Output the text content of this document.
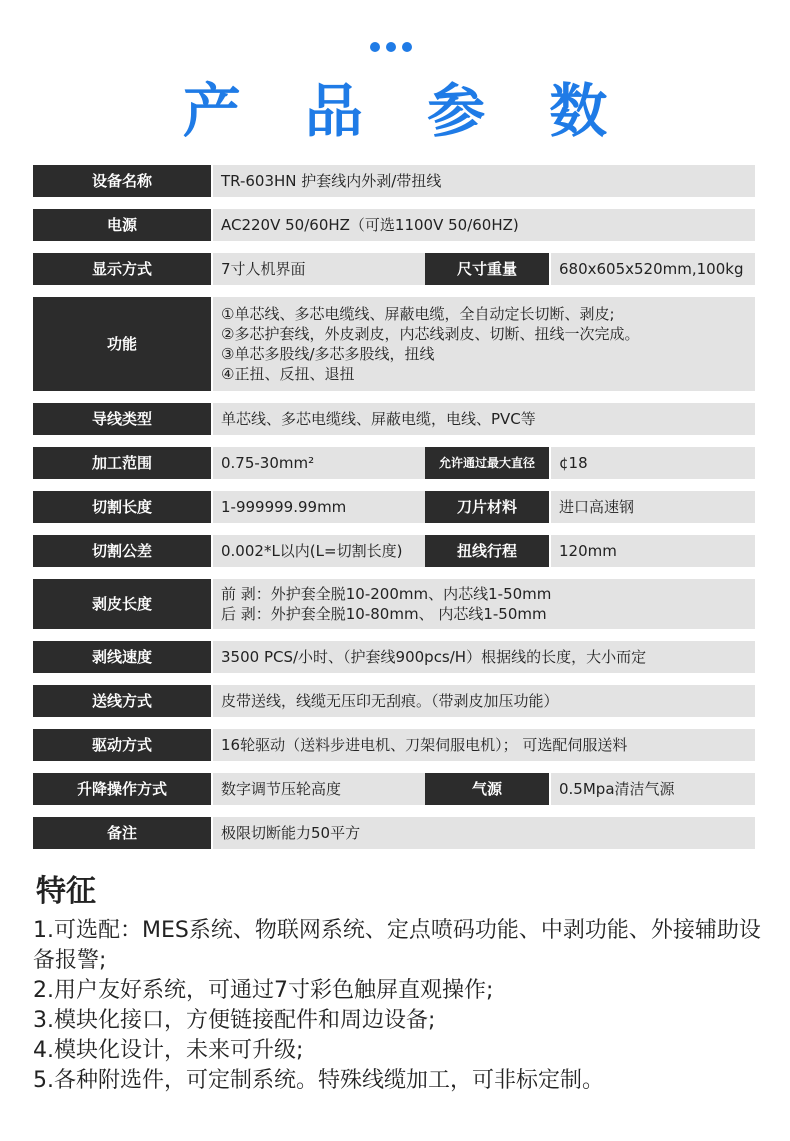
产 品 参 数
设备名称	TR-603HN 护套线内外剥/带扭线		
电源	AC220V 50/60HZ（可选1100V 50/60HZ)		
显示方式	7寸人机界面	尺寸重量	680x605x520mm,100kg
功能	①单芯线、多芯电缆线、屏蔽电缆，全自动定长切断、剥皮;
②多芯护套线，外皮剥皮，内芯线剥皮、切断、扭线一次完成。
③单芯多股线/多芯多股线，扭线
④正扭、反扭、退扭		

导线类型	单芯线、多芯电缆线、屏蔽电缆，电线、PVC等		
加工范围	0.75-30mm²	允许通过最大直径	¢18
切割长度	1-999999.99mm	刀片材料	进口高速钢
切割公差	0.002*L以内(L=切割长度)	扭线行程	120mm
剥皮长度	前 剥：外护套全脱10-200mm、内芯线1-50mm
后 剥：外护套全脱10-80mm、 内芯线1-50mm		

剥线速度	3500 PCS/小时、（护套线900pcs/H）根据线的长度，大小而定		
送线方式	皮带送线，线缆无压印无刮痕。（带剥皮加压功能）		
驱动方式	16轮驱动（送料步进电机、刀架伺服电机）； 可选配伺服送料		
升降操作方式	数字调节压轮高度	气源	0.5Mpa清洁气源
备注	极限切断能力50平方		
特征
1.可选配：MES系统、物联网系统、定点喷码功能、中剥功能、外接辅助设备报警;
2.用户友好系统，可通过7寸彩色触屏直观操作;
3.模块化接口，方便链接配件和周边设备;
4.模块化设计，未来可升级;
5.各种附选件，可定制系统。特殊线缆加工，可非标定制。
